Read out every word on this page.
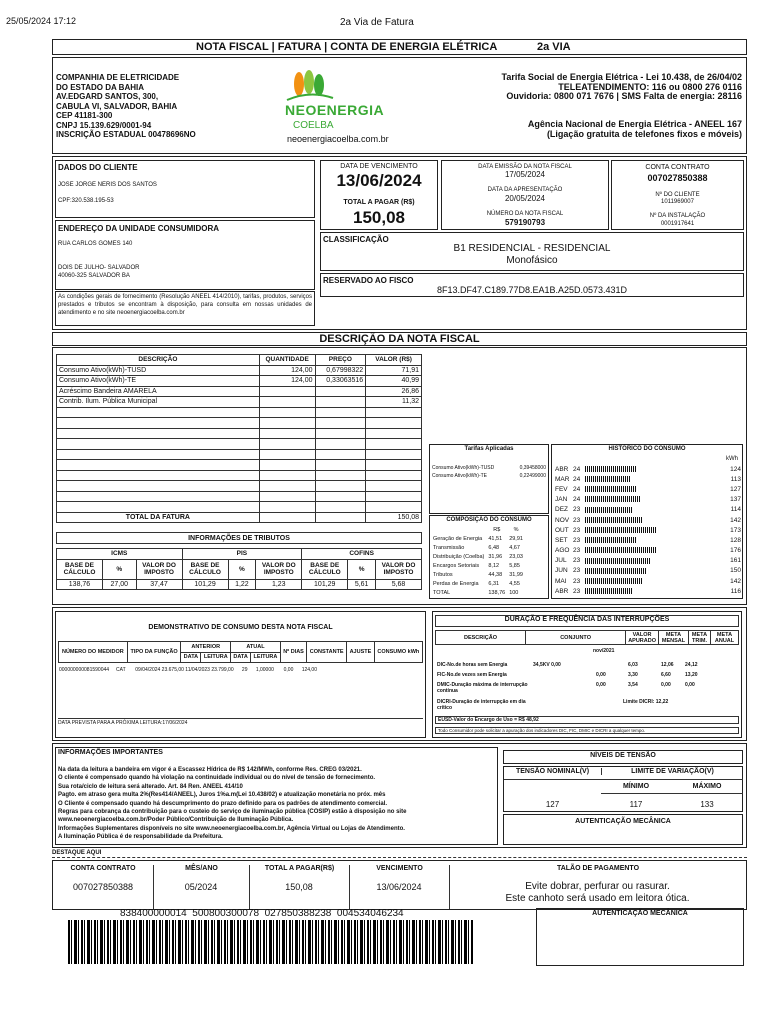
25/05/2024 17:12	2a Via de Fatura
NOTA FISCAL | FATURA | CONTA DE ENERGIA ELÉTRICA	2a VIA
COMPANHIA DE ELETRICIDADE
DO ESTADO DA BAHIA
AV.EDGARD SANTOS, 300,
CABULA VI, SALVADOR, BAHIA
CEP 41181-300
CNPJ 15.139.629/0001-94
INSCRIÇÃO ESTADUAL 00478696NO
NEOENERGIA
COELBA
neoenergiacoelba.com.br
Tarifa Social de Energia Elétrica - Lei 10.438, de 26/04/02
TELEATENDIMENTO: 116 ou 0800 276 0116
Ouvidoria: 0800 071 7676 | SMS Falta de energia: 28116
Agência Nacional de Energia Elétrica - ANEEL 167
(Ligação gratuita de telefones fixos e móveis)
DADOS DO CLIENTE
JOSE JORGE NERIS DOS SANTOS
CPF:320.538.195-53
ENDEREÇO DA UNIDADE CONSUMIDORA
RUA CARLOS GOMES 140
DOIS DE JULHO- SALVADOR
40060-325 SALVADOR BA
As condições gerais de fornecimento (Resolução ANEEL 414/2010), tarifas, produtos, serviços prestados e tributos se encontram à disposição, para consulta em nossas unidades de atendimento e no site neoenergiacoelba.com.br
DATA DE VENCIMENTO
13/06/2024
TOTAL A PAGAR (R$)
150,08
DATA EMISSÃO DA NOTA FISCAL
17/05/2024
DATA DA APRESENTAÇÃO
20/05/2024
NÚMERO DA NOTA FISCAL
579190793
CONTA CONTRATO
007027850388
Nº DO CLIENTE
1011969007
Nº DA INSTALAÇÃO
0001917641
CLASSIFICAÇÃO
B1 RESIDENCIAL - RESIDENCIAL
Monofásico
RESERVADO AO FISCO
8F13.DF47.C189.77D8.EA1B.A25D.0573.431D
DESCRIÇÃO DA NOTA FISCAL
DESCRIÇÃO	QUANTIDADE	PREÇO	VALOR (R$)
Consumo Ativo(kWh)-TUSD	124,00	0,67998322	71,91
Consumo Ativo(kWh)-TE	124,00	0,33063516	40,99
Acréscimo Bandeira AMARELA			26,86
Contrib. Ilum. Pública Municipal			11,32

TOTAL DA FATURA			150,08
INFORMAÇÕES DE TRIBUTOS
ICMS			PIS			COFINS		
BASE DE CÁLCULO	%	VALOR DO IMPOSTO	BASE DE CÁLCULO	%	VALOR DO IMPOSTO	BASE DE CÁLCULO	%	VALOR DO IMPOSTO
138,76	27,00	37,47	101,29	1,22	1,23	101,29	5,61	5,68
Tarifas Aplicadas
Consumo Ativo(kWh)-TUSD	0,39458000
Consumo Ativo(kWh)-TE	0,22499000
COMPOSIÇÃO DO CONSUMO
	R$	%
Geração de Energia	41,51	29,91
Transmissão	6,48	4,67
Distribuição (Coelba)	31,96	23,03
Encargos Setoriais	8,12	5,85
Tributos	44,38	31,99
Perdas de Energia	6,31	4,55
TOTAL	138,76	100
HISTÓRICO DO CONSUMO
kWh
ABR	24		124
MAR	24		113
FEV	24		127
JAN	24		137
DEZ	23		114
NOV	23		142
OUT	23		173
SET	23		128
AGO	23		176
JUL	23		161
JUN	23		150
MAI	23		142
ABR	23		116
DEMONSTRATIVO DE CONSUMO DESTA NOTA FISCAL
NÚMERO DO MEDIDOR	TIPO DA FUNÇÃO	ANTERIOR		ATUAL		Nº DIAS	CONSTANTE	AJUSTE	CONSUMO kWh
		DATA	LEITURA	DATA	LEITURA				
000000000081590044     CAT       09/04/2024 23.675,00 11/04/2023 23.799,00      29      1,00000       0,00      124,00
DATA PREVISTA PARA A PRÓXIMA LEITURA:17/06/2024
DURAÇÃO E FREQUÊNCIA DAS INTERRUPÇÕES
DESCRIÇÃO	CONJUNTO	VALOR APURADO	META MENSAL	META TRIM.	META ANUAL
nov/2021
DIC-No.de horas sem Energia	34,5KV 0,00	6,03	12,06 24,12
FIC-No.de vezes sem Energia	0,00	3,30	6,60	13,20
DMIC-Duração máxima de interrupção contínua
0,00	3,54	0,00	0,00
DICRI-Duração de interrupção em dia crítico
Limite DICRI: 12,22
EUSD-Valor do Encargo de Uso = R$ 48,92
Todo Consumidor pode solicitar a apuração dos indicadores DIC, FIC, DMIC e DICRI a qualquer tempo.
INFORMAÇÕES IMPORTANTES
Na data da leitura a bandeira em vigor é a Escassez Hídrica de R$ 142/MWh, conforme Res. CREG 03/2021.
O cliente é compensado quando há violação na continuidade individual ou do nível de tensão de fornecimento.
Sua rota/ciclo de leitura será alterado. Art. 84 Ren. ANEEL 414/10
Pagto. em atraso gera multa 2%(Res414/ANEEL), Juros 1%a.m(Lei 10.438/02) e atualização monetária no próx. mês
O Cliente é compensado quando há descumprimento do prazo definido para os padrões de atendimento comercial.
Regras para cobrança da contribuição para o custeio do serviço de iluminação pública (COSIP) estão à disposição no site
www.neoenergiacoelba.com.br/Poder Público/Contribuição de Iluminação Pública.
Informações Suplementares disponíveis no site www.neoenergiacoelba.com.br, Agência Virtual ou Lojas de Atendimento.
A Iluminação Pública é de responsabilidade da Prefeitura.
NÍVEIS DE TENSÃO
TENSÃO NOMINAL(V)	LIMITE DE VARIAÇÃO(V)
MÍNIMO	MÁXIMO
127	117	133
AUTENTICAÇÃO MECÂNICA
DESTAQUE AQUI
CONTA CONTRATO	MÊS/ANO	TOTAL A PAGAR(R$)	VENCIMENTO	TALÃO DE PAGAMENTO
007027850388	05/2024	150,08	13/06/2024	Evite dobrar, perfurar ou rasurar.
Este canhoto será usado em leitora ótica.
838400000014  500800300078  027850388238  004534046234	AUTENTICAÇÃO MECÂNICA
